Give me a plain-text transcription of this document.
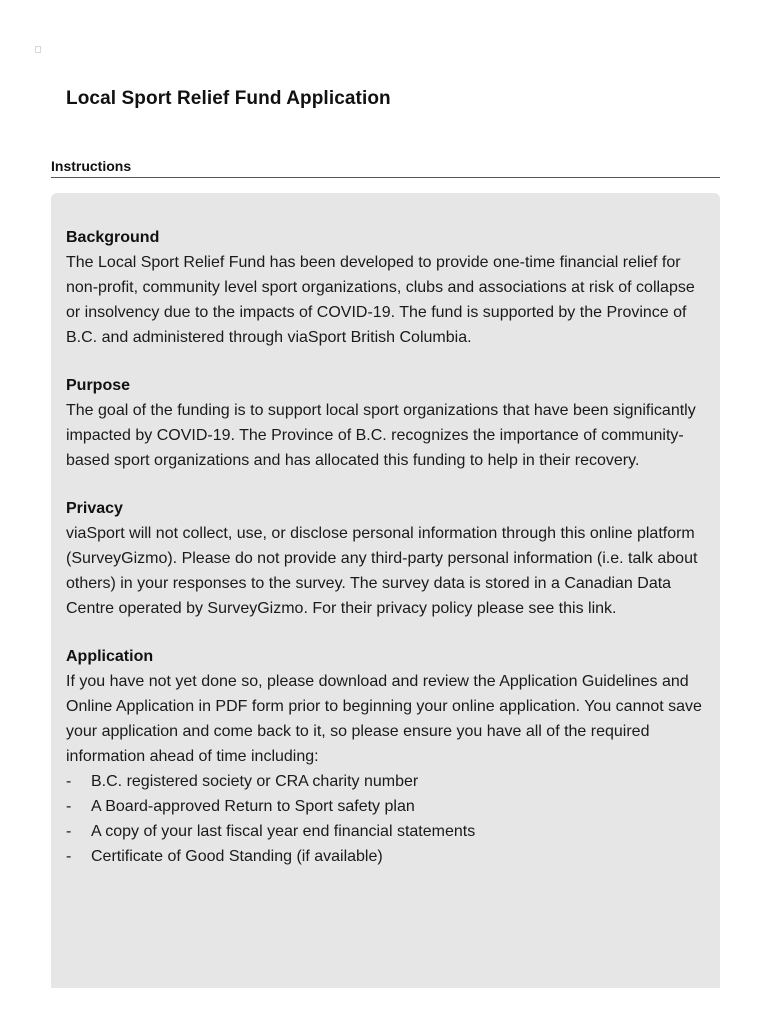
Local Sport Relief Fund Application
Instructions
Background

The Local Sport Relief Fund has been developed to provide one-time financial relief for non-profit, community level sport organizations, clubs and associations at risk of collapse or insolvency due to the impacts of COVID-19. The fund is supported by the Province of B.C. and administered through viaSport British Columbia.

Purpose

The goal of the funding is to support local sport organizations that have been significantly impacted by COVID-19. The Province of B.C. recognizes the importance of community-based sport organizations and has allocated this funding to help in their recovery.

Privacy

viaSport will not collect, use, or disclose personal information through this online platform (SurveyGizmo). Please do not provide any third-party personal information (i.e. talk about others) in your responses to the survey. The survey data is stored in a Canadian Data Centre operated by SurveyGizmo. For their privacy policy please see this link.

Application

If you have not yet done so, please download and review the Application Guidelines and Online Application in PDF form prior to beginning your online application. You cannot save your application and come back to it, so please ensure you have all of the required information ahead of time including:

- B.C. registered society or CRA charity number
- A Board-approved Return to Sport safety plan
- A copy of your last fiscal year end financial statements
- Certificate of Good Standing (if available)
